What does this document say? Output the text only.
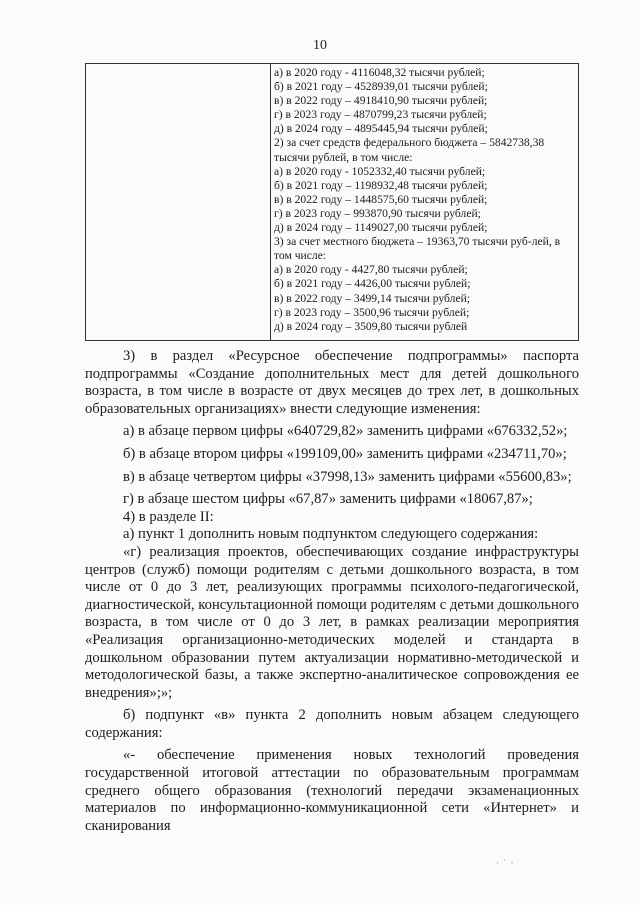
10
а) в 2020 году - 4116048,32 тысячи рублей;
б) в 2021 году – 4528939,01 тысячи рублей;
в) в 2022 году – 4918410,90 тысячи рублей;
г) в 2023 году – 4870799,23 тысячи рублей;
д) в 2024 году – 4895445,94 тысячи рублей;
2) за счет средств федерального бюджета – 5842738,38 тысячи рублей, в том числе:
а) в 2020 году - 1052332,40 тысячи рублей;
б) в 2021 году – 1198932,48 тысячи рублей;
в) в 2022 году – 1448575,60 тысячи рублей;
г) в 2023 году – 993870,90 тысячи рублей;
д) в 2024 году – 1149027,00 тысячи рублей;
3) за счет местного бюджета – 19363,70 тысячи руб-лей, в том числе:
а) в 2020 году - 4427,80 тысячи рублей;
б) в 2021 году – 4426,00 тысячи рублей;
в) в 2022 году – 3499,14 тысячи рублей;
г) в 2023 году – 3500,96 тысячи рублей;
д) в 2024 году – 3509,80 тысячи рублей

3) в раздел «Ресурсное обеспечение подпрограммы» паспорта подпрограммы «Создание дополнительных мест для детей дошкольного возраста, в том числе в возрасте от двух месяцев до трех лет, в дошкольных образовательных организациях» внести следующие изменения:

а) в абзаце первом цифры «640729,82» заменить цифрами «676332,52»;

б) в абзаце втором цифры «199109,00» заменить цифрами «234711,70»;

в) в абзаце четвертом цифры «37998,13» заменить цифрами «55600,83»;

г) в абзаце шестом цифры «67,87» заменить цифрами «18067,87»;

4) в разделе II:

а) пункт 1 дополнить новым подпунктом следующего содержания:

«г) реализация проектов, обеспечивающих создание инфраструктуры центров (служб) помощи родителям с детьми дошкольного возраста, в том числе от 0 до 3 лет, реализующих программы психолого-педагогической, диагностической, консультационной помощи родителям с детьми дошкольного возраста, в том числе от 0 до 3 лет, в рамках реализации мероприятия «Реализация организационно-методических моделей и стандарта в дошкольном образовании путем актуализации нормативно-методической и методологической базы, а также экспертно-аналитическое сопровождения ее внедрения»;»;

б) подпункт «в» пункта 2 дополнить новым абзацем следующего содержания:

«- обеспечение применения новых технологий проведения государственной итоговой аттестации по образовательным программам среднего общего образования (технологий передачи экзаменационных материалов по информационно-коммуникационной сети «Интернет» и сканирования

· ˙ ·
